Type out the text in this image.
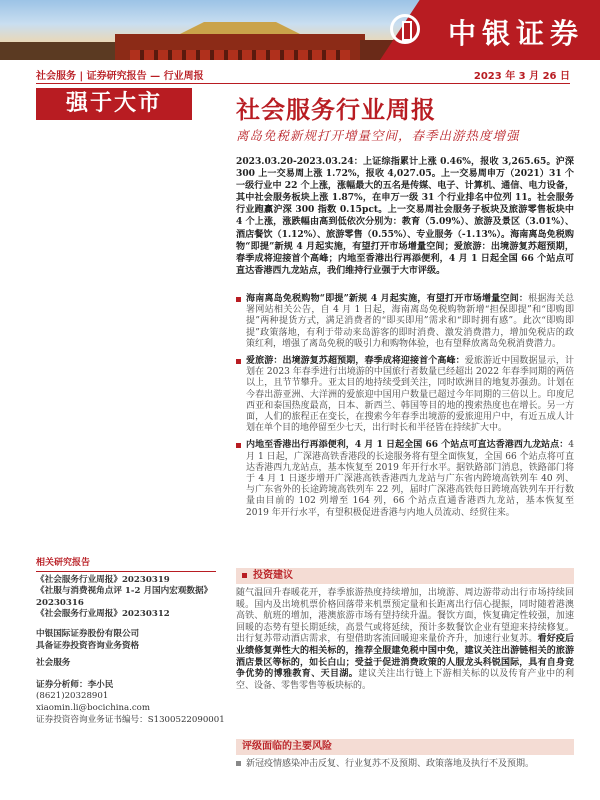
中银证券
社会服务 | 证券研究报告 — 行业周报	2023 年 3 月 26 日
强于大市	社会服务行业周报
离岛免税新规打开增量空间，春季出游热度增强
2023.03.20-2023.03.24：上证综指累计上涨 0.46%，报收 3,265.65。沪深 300 上一交易周上涨 1.72%，报收 4,027.05。上一交易周申万（2021）31 个一级行业中 22 个上涨，涨幅最大的五名是传媒、电子、计算机、通信、电力设备，其中社会服务板块上涨 1.87%，在申万一级 31 个行业排名中位列 11。社会服务行业跑赢沪深 300 指数 0.15pct。上一交易周社会服务子板块及旅游零售板块中 4 个上涨，涨跌幅由高到低依次分别为：教育（5.09%）、旅游及景区（3.01%）、酒店餐饮（1.12%）、旅游零售（0.55%）、专业服务（-1.13%）。海南离岛免税购物“即提”新规 4 月起实施，有望打开市场增量空间；爱旅游：出境游复苏超预期，春季成将迎接首个高峰；内地至香港出行再添便利，4 月 1 日起全国 66 个站点可直达香港西九龙站点，我们维持行业强于大市评级。
海南离岛免税购物“即提”新规 4 月起实施，有望打开市场增量空间：根据海关总署网站相关公告，自 4 月 1 日起，海南离岛免税购物新增“担保即提”和“即购即提”两种提货方式，满足消费者的“即买即用”需求和“即时拥有感”。此次“即购即提”政策落地，有利于带动来岛游客的即时消费、激发消费潜力，增加免税店的政策红利，增强了离岛免税的吸引力和购物体验，也有望释放离岛免税消费潜力。
爱旅游：出境游复苏超预期，春季成将迎接首个高峰：爱旅游近中国数据显示，计划在 2023 年春季进行出境游的中国旅行者数量已经超出 2022 年春季同期的两倍以上，且节节攀升。亚太目的地持续受到关注，同时欧洲目的地复苏强劲。计划在今春出游亚洲、大洋洲的爱旅迎中国用户数量已超过今年同期的三倍以上。印度尼西亚和泰国热度最高，日本、新西兰、韩国等目的地的搜索热度也在增长。另一方面，人们的旅程正在变长，在搜索今年春季出境游的爱旅迎用户中，有近五成人计划在单个目的地停留至少七天，出行时长和半径皆在持续扩大中。
内地至香港出行再添便利，4 月 1 日起全国 66 个站点可直达香港西九龙站点：4 月 1 日起，广深港高铁香港段的长途服务将有望全面恢复，全国 66 个站点将可直达香港西九龙站点，基本恢复至 2019 年开行水平。据铁路部门消息，铁路部门将于 4 月 1 日逐步增开广深港高铁香港西九龙站与广东省内跨境高铁列车 40 列、与广东省外的长途跨境高铁列车 22 列，届时广深港高铁每日跨境高铁列车开行数量由目前的 102 列增至 164 列，66 个站点直通香港西九龙站，基本恢复至 2019 年开行水平，有望积极促进香港与内地人员流动、经贸往来。
投资建议
随气温回升春暖花开，春季旅游热度持续增加，出境游、周边游带动出行市场持续回暖。国内及出境机票价格回落带来机票预定量和长距离出行信心提振，同时随着港澳高铁、航班的增加，港澳旅游市场有望持续升温。餐饮方面，恢复确定性较强，加速回暖的态势有望长期延续，高景气或将延续，预计多数餐饮企业有望迎来持续修复。出行复苏带动酒店需求，有望借助客流回暖迎来量价齐升，加速行业复苏。看好疫后业绩修复弹性大的相关标的，推荐全服建免税中国中免，建议关注出游链相关的旅游酒店景区等标的，如长白山；受益于促进消费政策的人服龙头科锐国际，具有自身竞争优势的博雅教育、天目湖。建议关注出行链上下游相关标的以及传育产业中的利空、设备、零售零售等板块标的。
评级面临的主要风险
新冠疫情感染冲击反复、行业复苏不及预期、政策落地及执行不及预期。
相关研究报告
《社会服务行业周报》20230319
《社服与消费视角点评 1-2 月国内宏观数据》20230316
《社会服务行业周报》20230312
中银国际证券股份有限公司
具备证券投资咨询业务资格
社会服务
证券分析师：李小民
(8621)20328901
xiaomin.li@bocichina.com
证券投资咨询业务证书编号：S1300522090001
